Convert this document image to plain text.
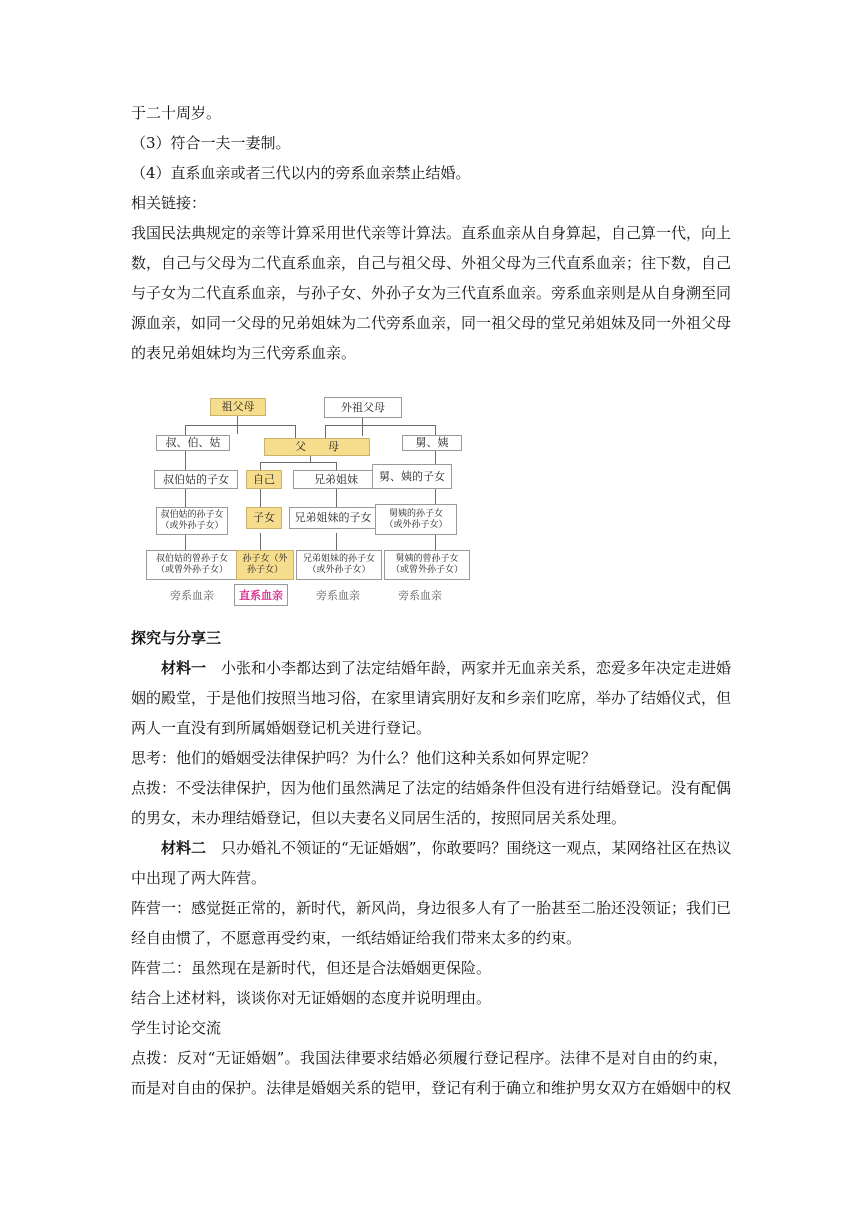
于二十周岁。
（3）符合一夫一妻制。
（4）直系血亲或者三代以内的旁系血亲禁止结婚。
相关链接：
我国民法典规定的亲等计算采用世代亲等计算法。直系血亲从自身算起，自己算一代，向上
数，自己与父母为二代直系血亲，自己与祖父母、外祖父母为三代直系血亲；往下数，自己
与子女为二代直系血亲，与孙子女、外孙子女为三代直系血亲。旁系血亲则是从自身溯至同
源血亲，如同一父母的兄弟姐妹为二代旁系血亲，同一祖父母的堂兄弟姐妹及同一外祖父母
的表兄弟姐妹均为三代旁系血亲。
祖父母	外祖父母
叔、伯、姑	父　　母	舅、姨
叔伯姑的子女	自己	兄弟姐妹	舅、姨的子女
叔伯姑的孙子女
（或外孙子女）
子女	兄弟姐妹的子女	舅姨的孙子女
（或外孙子女）
叔伯姑的曾孙子女
（或曾外孙子女）
孙子女（外
孙子女）
兄弟姐妹的孙子女
（或外孙子女）
舅姨的曾孙子女
（或曾外孙子女）
旁系血亲	直系血亲	旁系血亲	旁系血亲
探究与分享三
材料一　 小张和小李都达到了法定结婚年龄，两家并无血亲关系，恋爱多年决定走进婚
姻的殿堂，于是他们按照当地习俗，在家里请宾朋好友和乡亲们吃席，举办了结婚仪式，但
两人一直没有到所属婚姻登记机关进行登记。
思考：他们的婚姻受法律保护吗？为什么？他们这种关系如何界定呢？
点拨：不受法律保护，因为他们虽然满足了法定的结婚条件但没有进行结婚登记。没有配偶
的男女，未办理结婚登记，但以夫妻名义同居生活的，按照同居关系处理。
材料二　 只办婚礼不领证的“无证婚姻”，你敢要吗？围绕这一观点，某网络社区在热议
中出现了两大阵营。
阵营一：感觉挺正常的，新时代，新风尚，身边很多人有了一胎甚至二胎还没领证；我们已
经自由惯了，不愿意再受约束，一纸结婚证给我们带来太多的约束。
阵营二：虽然现在是新时代，但还是合法婚姻更保险。
结合上述材料，谈谈你对无证婚姻的态度并说明理由。
学生讨论交流
点拨：反对“无证婚姻”。我国法律要求结婚必须履行登记程序。法律不是对自由的约束，
而是对自由的保护。法律是婚姻关系的铠甲，登记有利于确立和维护男女双方在婚姻中的权
